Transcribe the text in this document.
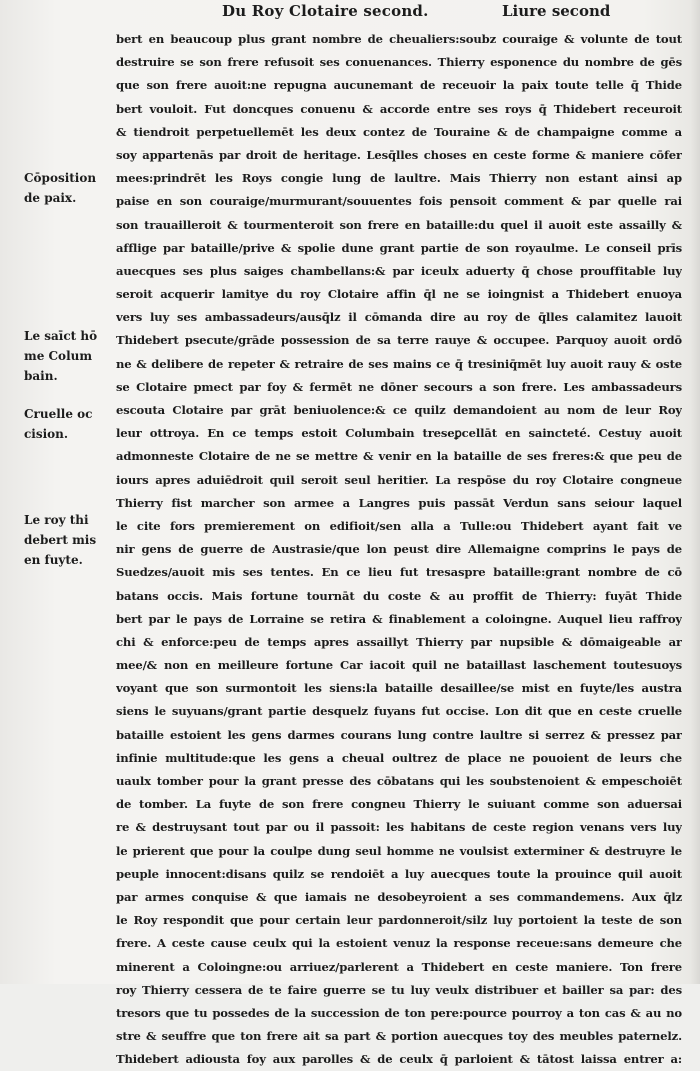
Du Roy Clotaire second.	Liure second
Cōposition
de paix.
Le saīct hō
me Colum
bain.
Cruelle oc
cision.
Le roy thi
debert mis
en fuyte.
bert en beaucoup plus grant nombre de cheualiers:soubz couraige & volunte de tout
destruire se son frere refusoit ses conuenances. Thierry esponence du nombre de gēs
que son frere auoit:ne repugna aucunemant de receuoir la paix toute telle q̄ Thide
bert vouloit. Fut doncques conuenu & accorde entre ses roys q̄ Thidebert receuroit
& tiendroit perpetuellemēt les deux contez de Touraine & de champaigne comme a
soy appartenās par droit de heritage. Lesq̄lles choses en ceste forme & maniere cōfer
mees:prindrēt les Roys congie lung de laultre. Mais Thierry non estant ainsi ap
paise en son couraige/murmurant/souuentes fois pensoit comment & par quelle rai
son trauailleroit & tourmenteroit son frere en bataille:du quel il auoit este assailly &
afflige par bataille/prive & spolie dune grant partie de son royaulme. Le conseil prīs
auecques ses plus saiges chambellans:& par iceulx aduerty q̄ chose prouffitable luy
seroit acquerir lamitye du roy Clotaire affin q̄l ne se ioingnist a Thidebert enuoya
vers luy ses ambassadeurs/ausq̄lz il cōmanda dire au roy de q̄lles calamitez lauoit
Thidebert psecute/grāde possession de sa terre rauye & occupee. Parquoy auoit ordō
ne & delibere de repeter & retraire de ses mains ce q̄ tresiniq̄mēt luy auoit rauy & oste
se Clotaire pmect par foy & fermēt ne dōner secours a son frere. Les ambassadeurs
escouta Clotaire par grāt beniuolence:& ce quilz demandoient au nom de leur Roy
leur ottroya. En ce temps estoit Columbain treseꝑcellāt en saincteté. Cestuy auoit
admonneste Clotaire de ne se mettre & venir en la bataille de ses freres:& que peu de
iours apres aduiēdroit quil seroit seul heritier. La respōse du roy Clotaire congneue
Thierry fist marcher son armee a Langres puis passāt Verdun sans seiour laquel
le cite fors premierement on edifioit/sen alla a Tulle:ou Thidebert ayant fait ve
nir gens de guerre de Austrasie/que lon peust dire Allemaigne comprins le pays de
Suedzes/auoit mis ses tentes. En ce lieu fut tresaspre bataille:grant nombre de cō
batans occis. Mais fortune tournāt du coste & au proffit de Thierry: fuyāt Thide
bert par le pays de Lorraine se retira & finablement a coloingne. Auquel lieu raffroy
chi & enforce:peu de temps apres assaillyt Thierry par nupsible & dōmaigeable ar
mee/& non en meilleure fortune Car iacoit quil ne bataillast laschement toutesuoys
voyant que son surmontoit les siens:la bataille desaillee/se mist en fuyte/les austra
siens le suyuans/grant partie desquelz fuyans fut occise. Lon dit que en ceste cruelle
bataille estoient les gens darmes courans lung contre laultre si serrez & pressez par
infinie multitude:que les gens a cheual oultrez de place ne pouoient de leurs che
uaulx tomber pour la grant presse des cōbatans qui les soubstenoient & empeschoiēt
de tomber. La fuyte de son frere congneu Thierry le suiuant comme son aduersai
re & destruysant tout par ou il passoit: les habitans de ceste region venans vers luy
le prierent que pour la coulpe dung seul homme ne voulsist exterminer & destruyre le
peuple innocent:disans quilz se rendoiēt a luy auecques toute la prouince quil auoit
par armes conquise & que iamais ne desobeyroient a ses commandemens. Aux q̄lz
le Roy respondit que pour certain leur pardonneroit/silz luy portoient la teste de son
frere. A ceste cause ceulx qui la estoient venuz la response receue:sans demeure che
minerent a Coloingne:ou arriuez/parlerent a Thidebert en ceste maniere. Ton frere
roy Thierry cessera de te faire guerre se tu luy veulx distribuer et bailler sa par: des
tresors que tu possedes de la succession de ton pere:pource pourroy a ton cas & au no
stre & seuffre que ton frere ait sa part & portion auecques toy des meubles paternelz.
Thidebert adiousta foy aux parolles & de ceulx q̄ parloient & tātost laissa entrer a:
